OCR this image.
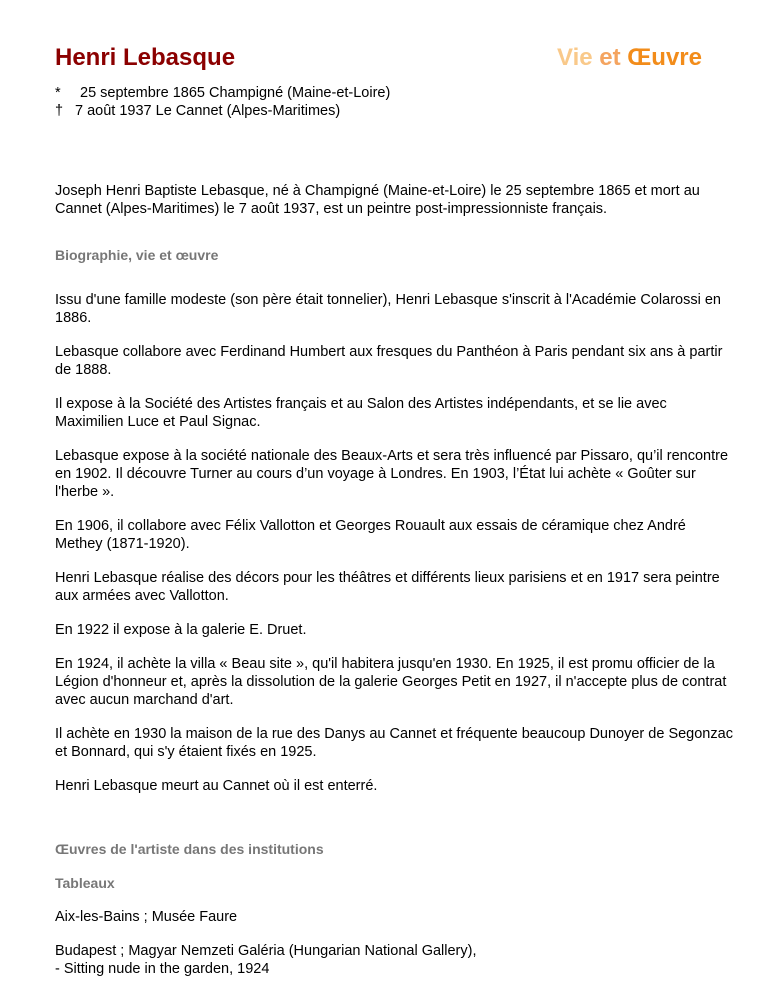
Henri Lebasque	Vie et Œuvre
*	25 septembre 1865 Champigné (Maine-et-Loire)
† 7 août 1937 Le Cannet (Alpes-Maritimes)

Joseph Henri Baptiste Lebasque, né à Champigné (Maine-et-Loire) le 25 septembre 1865 et mort au Cannet (Alpes-Maritimes) le 7 août 1937, est un peintre post-impressionniste français.

Biographie, vie et œuvre

Issu d'une famille modeste (son père était tonnelier), Henri Lebasque s'inscrit à l'Académie Colarossi en 1886.

Lebasque collabore avec Ferdinand Humbert aux fresques du Panthéon à Paris pendant six ans à partir de 1888.

Il expose à la Société des Artistes français et au Salon des Artistes indépendants, et se lie avec Maximilien Luce et Paul Signac.

Lebasque expose à la société nationale des Beaux-Arts et sera très influencé par Pissaro, qu’il rencontre en 1902. Il découvre Turner au cours d’un voyage à Londres. En 1903, l’État lui achète « Goûter sur l'herbe ».

En 1906, il collabore avec Félix Vallotton et Georges Rouault aux essais de céramique chez André Methey (1871-1920).

Henri Lebasque réalise des décors pour les théâtres et différents lieux parisiens et en 1917 sera peintre aux armées avec Vallotton.

En 1922 il expose à la galerie E. Druet.

En 1924, il achète la villa « Beau site », qu'il habitera jusqu'en 1930. En 1925, il est promu officier de la Légion d'honneur et, après la dissolution de la galerie Georges Petit en 1927, il n'accepte plus de contrat avec aucun marchand d'art.

Il achète en 1930 la maison de la rue des Danys au Cannet et fréquente beaucoup Dunoyer de Segonzac et Bonnard, qui s'y étaient fixés en 1925.

Henri Lebasque meurt au Cannet où il est enterré.

Œuvres de l'artiste dans des institutions
Tableaux

Aix-les-Bains ; Musée Faure

Budapest ; Magyar Nemzeti Galéria (Hungarian National Gallery),
- Sitting nude in the garden, 1924
